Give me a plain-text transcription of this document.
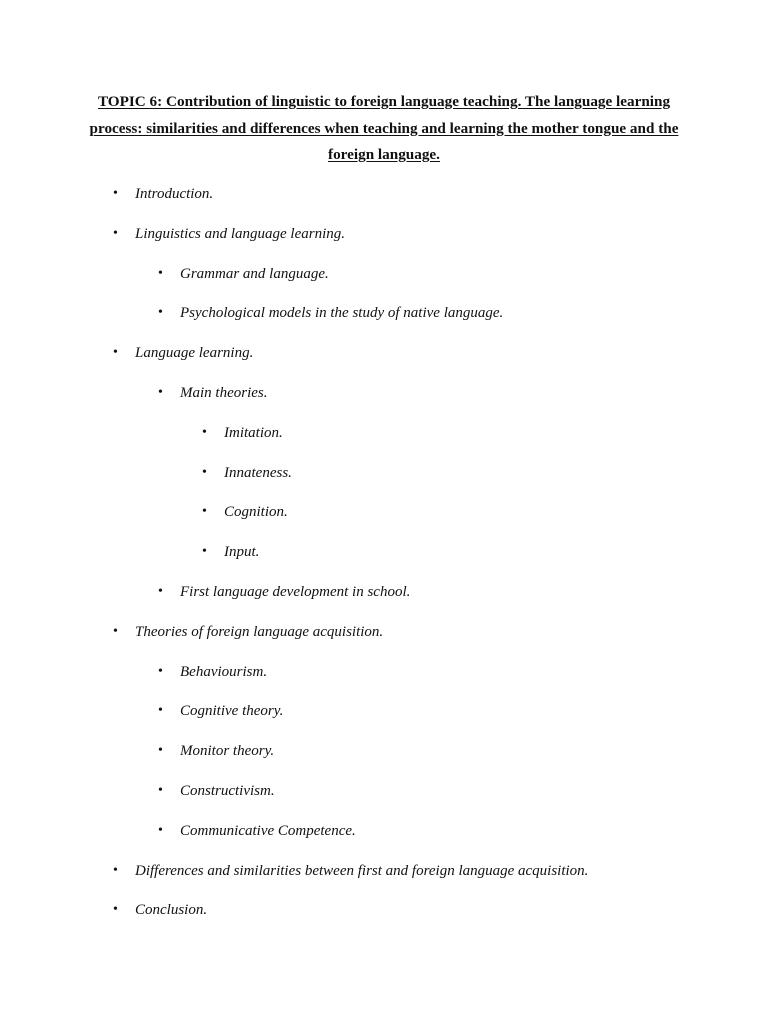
TOPIC 6: Contribution of linguistic to foreign language teaching. The language learning process: similarities and differences when teaching and learning the mother tongue and the foreign language.

• Introduction.
• Linguistics and language learning.
• Grammar and language.
• Psychological models in the study of native language.
• Language learning.
• Main theories.
• Imitation.
• Innateness.
• Cognition.
• Input.
• First language development in school.
• Theories of foreign language acquisition.
• Behaviourism.
• Cognitive theory.
• Monitor theory.
• Constructivism.
• Communicative Competence.
• Differences and similarities between first and foreign language acquisition.
• Conclusion.
